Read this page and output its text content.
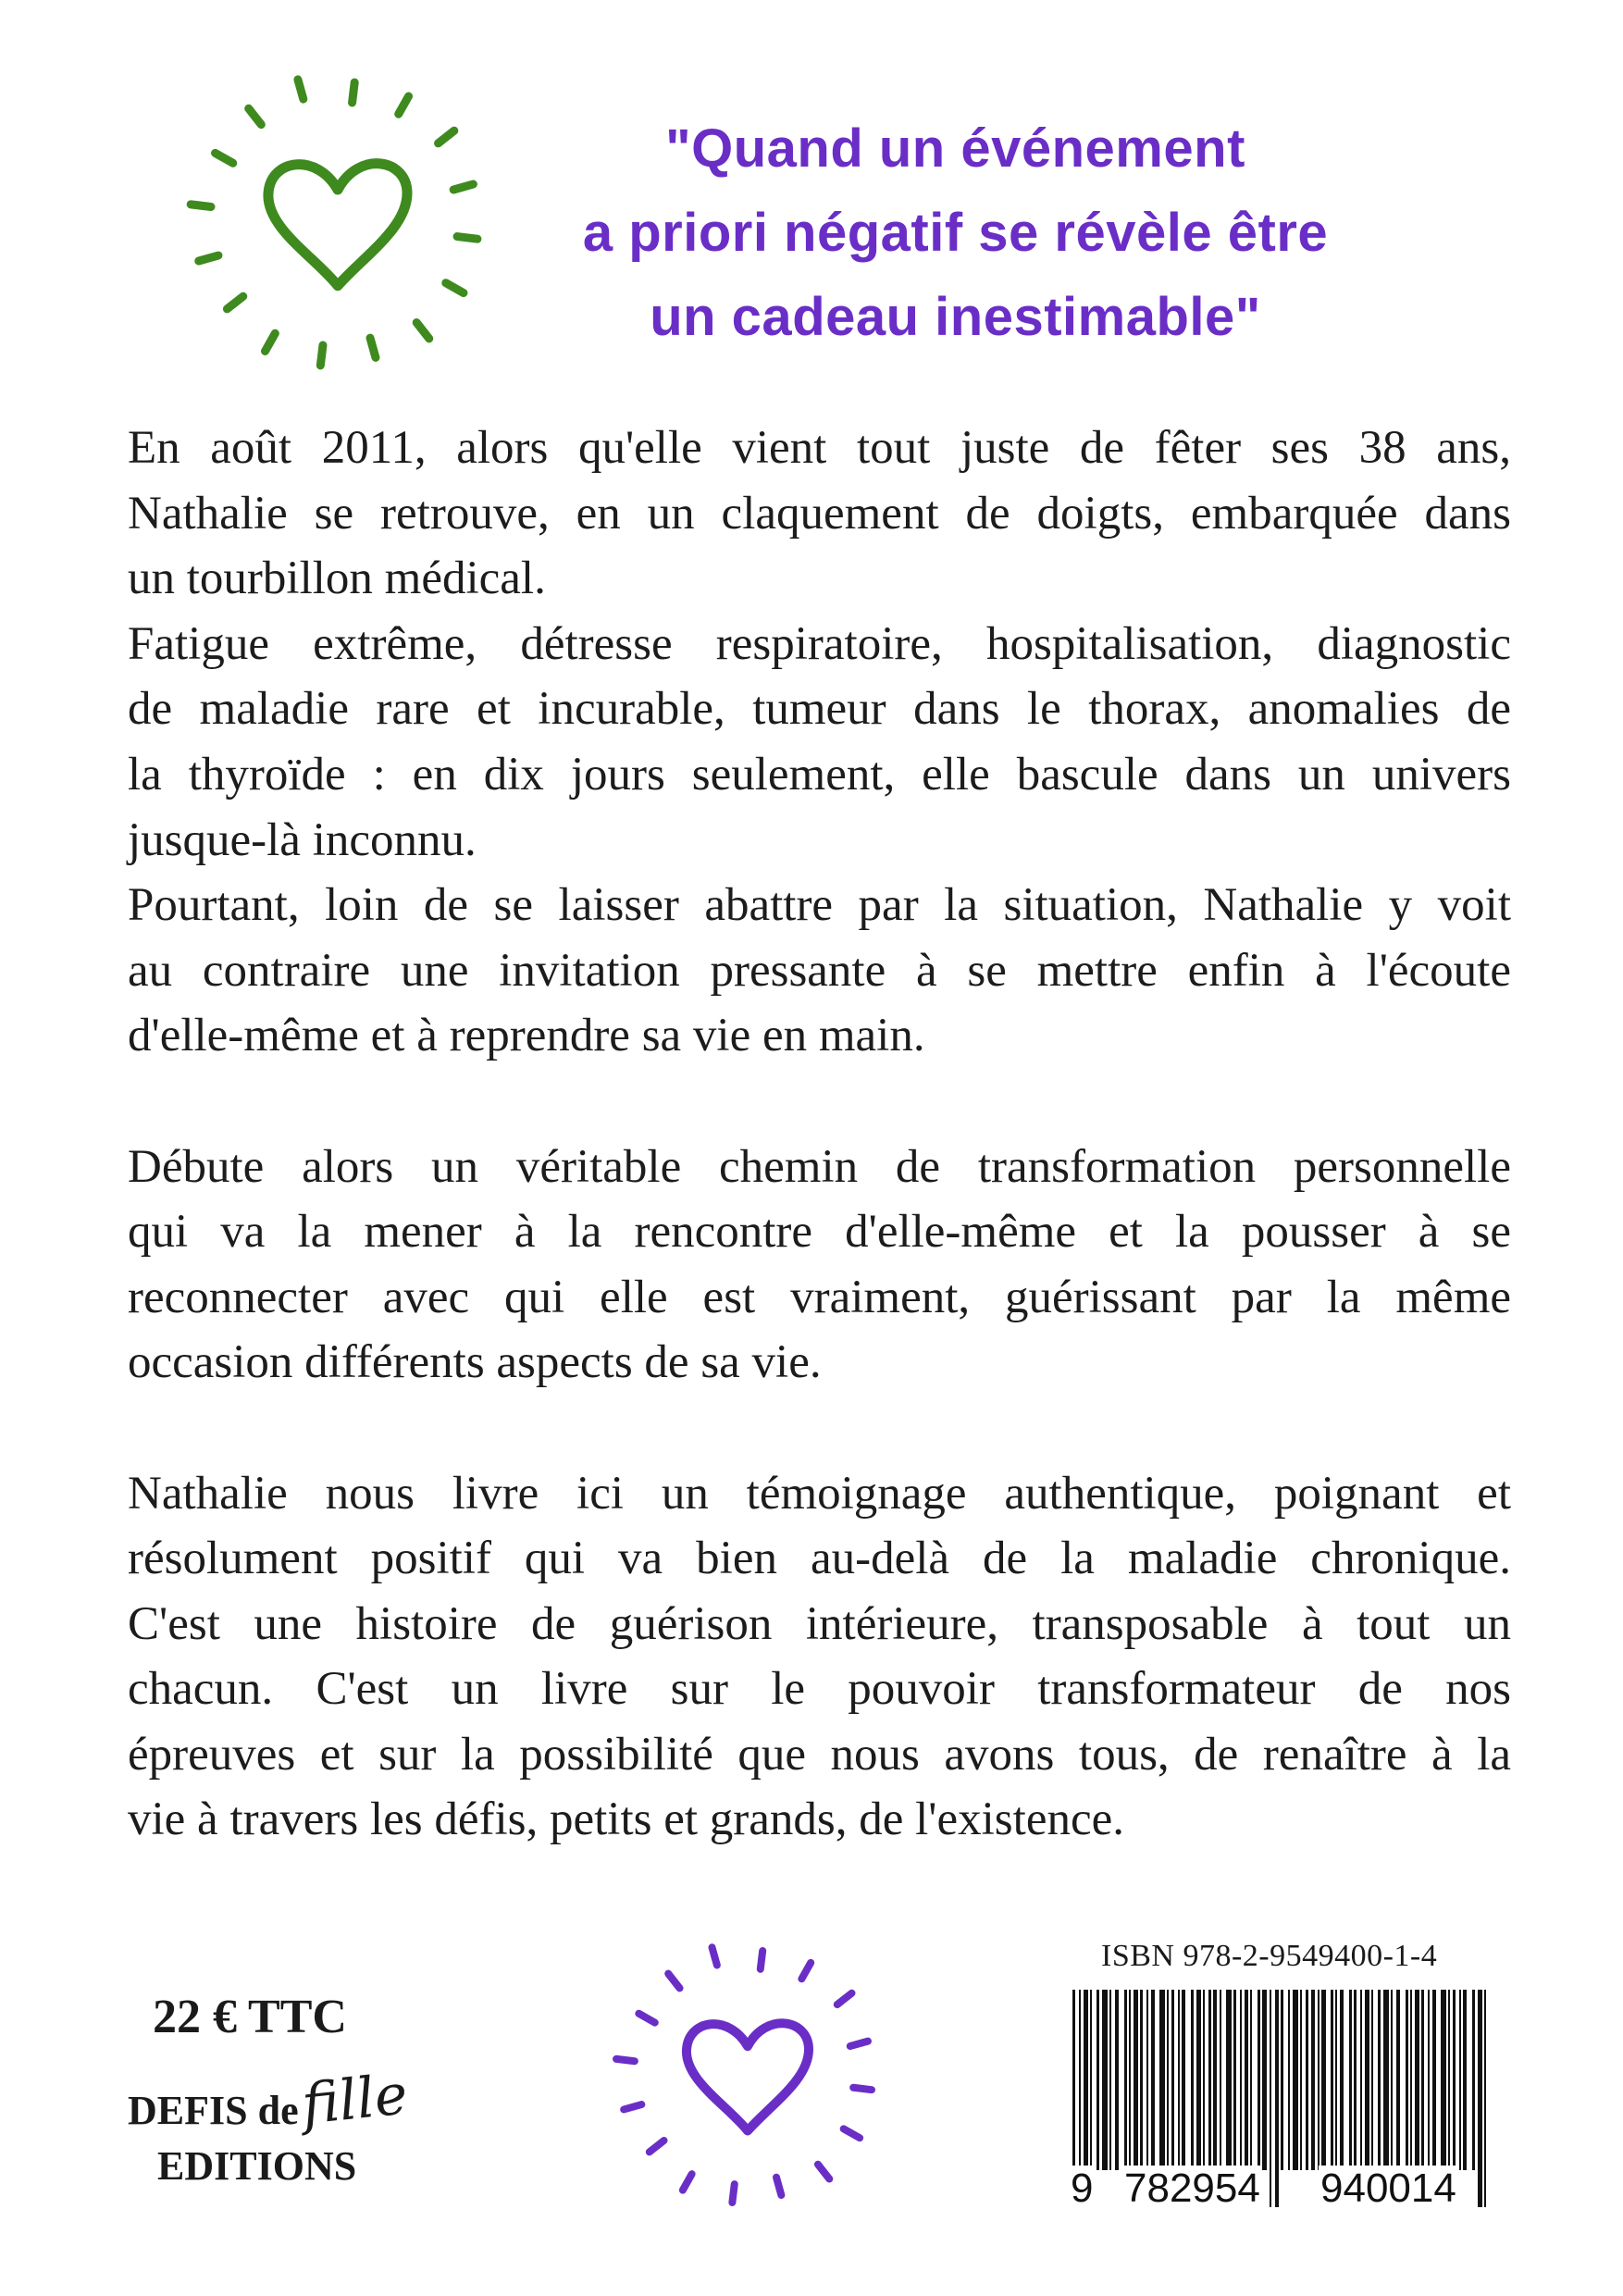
"Quand un événement
a priori négatif se révèle être
un cadeau inestimable"
En août 2011, alors qu'elle vient tout juste de fêter ses 38 ans,
Nathalie se retrouve, en un claquement de doigts, embarquée dans
un tourbillon médical.
Fatigue extrême, détresse respiratoire, hospitalisation, diagnostic
de maladie rare et incurable, tumeur dans le thorax, anomalies de
la thyroïde : en dix jours seulement, elle bascule dans un univers
jusque-là inconnu.
Pourtant, loin de se laisser abattre par la situation, Nathalie y voit
au contraire une invitation pressante à se mettre enfin à l'écoute
d'elle-même et à reprendre sa vie en main.
Débute alors un véritable chemin de transformation personnelle
qui va la mener à la rencontre d'elle-même et la pousser à se
reconnecter avec qui elle est vraiment, guérissant par la même
occasion différents aspects de sa vie.
Nathalie nous livre ici un témoignage authentique, poignant et
résolument positif qui va bien au-delà de la maladie chronique.
C'est une histoire de guérison intérieure, transposable à tout un
chacun. C'est un livre sur le pouvoir transformateur de nos
épreuves et sur la possibilité que nous avons tous, de renaître à la
vie à travers les défis, petits et grands, de l'existence.
22 € TTC
DEFIS defille
EDITIONS
ISBN 978-2-9549400-1-4
9 782954 940014
